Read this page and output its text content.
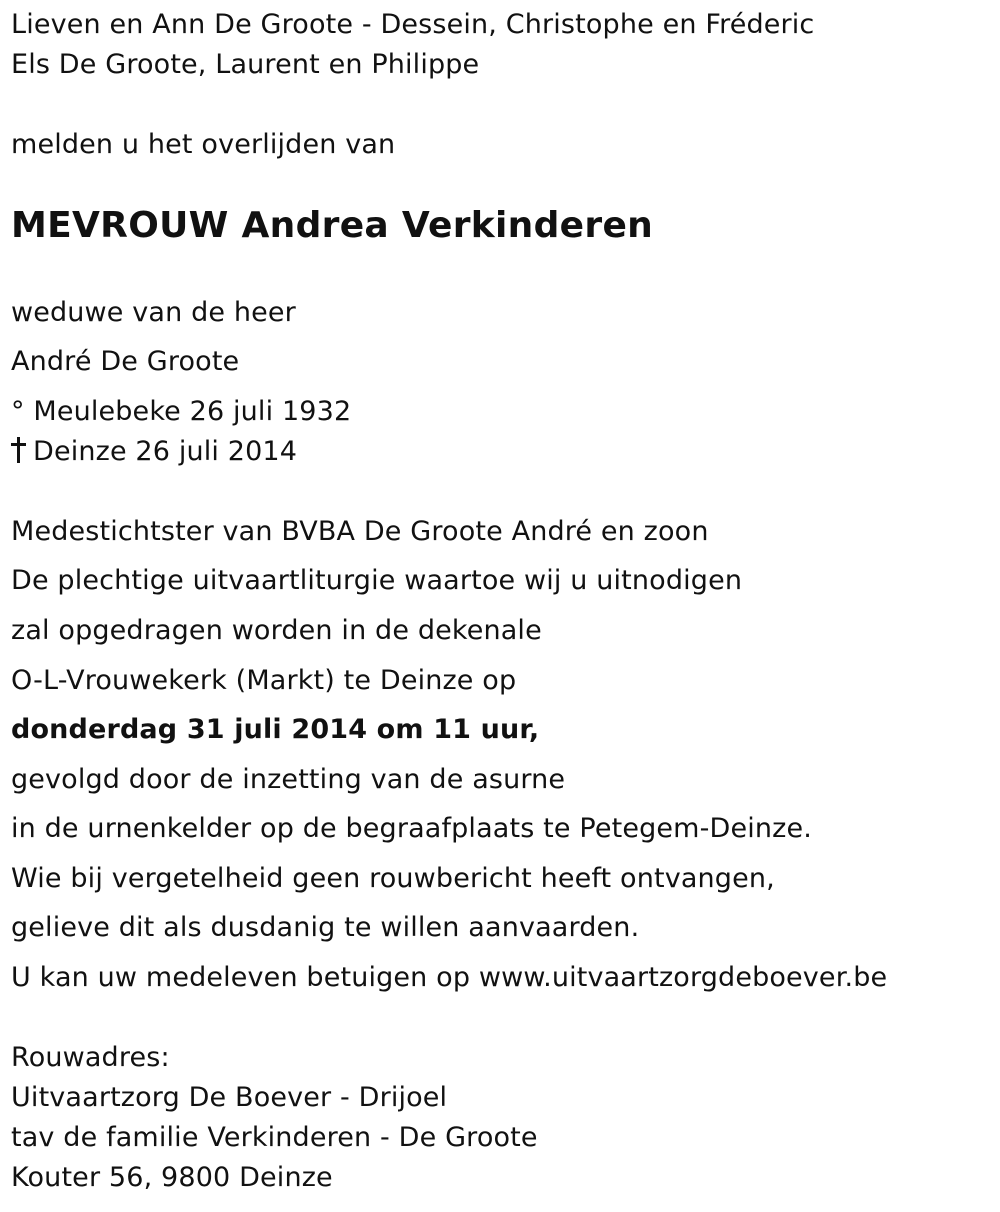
Lieven en Ann De Groote - Dessein, Christophe en Fréderic
Els De Groote, Laurent en Philippe
melden u het overlijden van
MEVROUW Andrea Verkinderen
weduwe van de heer
André De Groote
° Meulebeke 26 juli 1932
Deinze 26 juli 2014
Medestichtster van BVBA De Groote André en zoon
De plechtige uitvaartliturgie waartoe wij u uitnodigen
zal opgedragen worden in de dekenale
O-L-Vrouwekerk (Markt) te Deinze op
donderdag 31 juli 2014 om 11 uur,
gevolgd door de inzetting van de asurne
in de urnenkelder op de begraafplaats te Petegem-Deinze.
Wie bij vergetelheid geen rouwbericht heeft ontvangen,
gelieve dit als dusdanig te willen aanvaarden.
U kan uw medeleven betuigen op www.uitvaartzorgdeboever.be
Rouwadres:
Uitvaartzorg De Boever - Drijoel
tav de familie Verkinderen - De Groote
Kouter 56, 9800 Deinze
